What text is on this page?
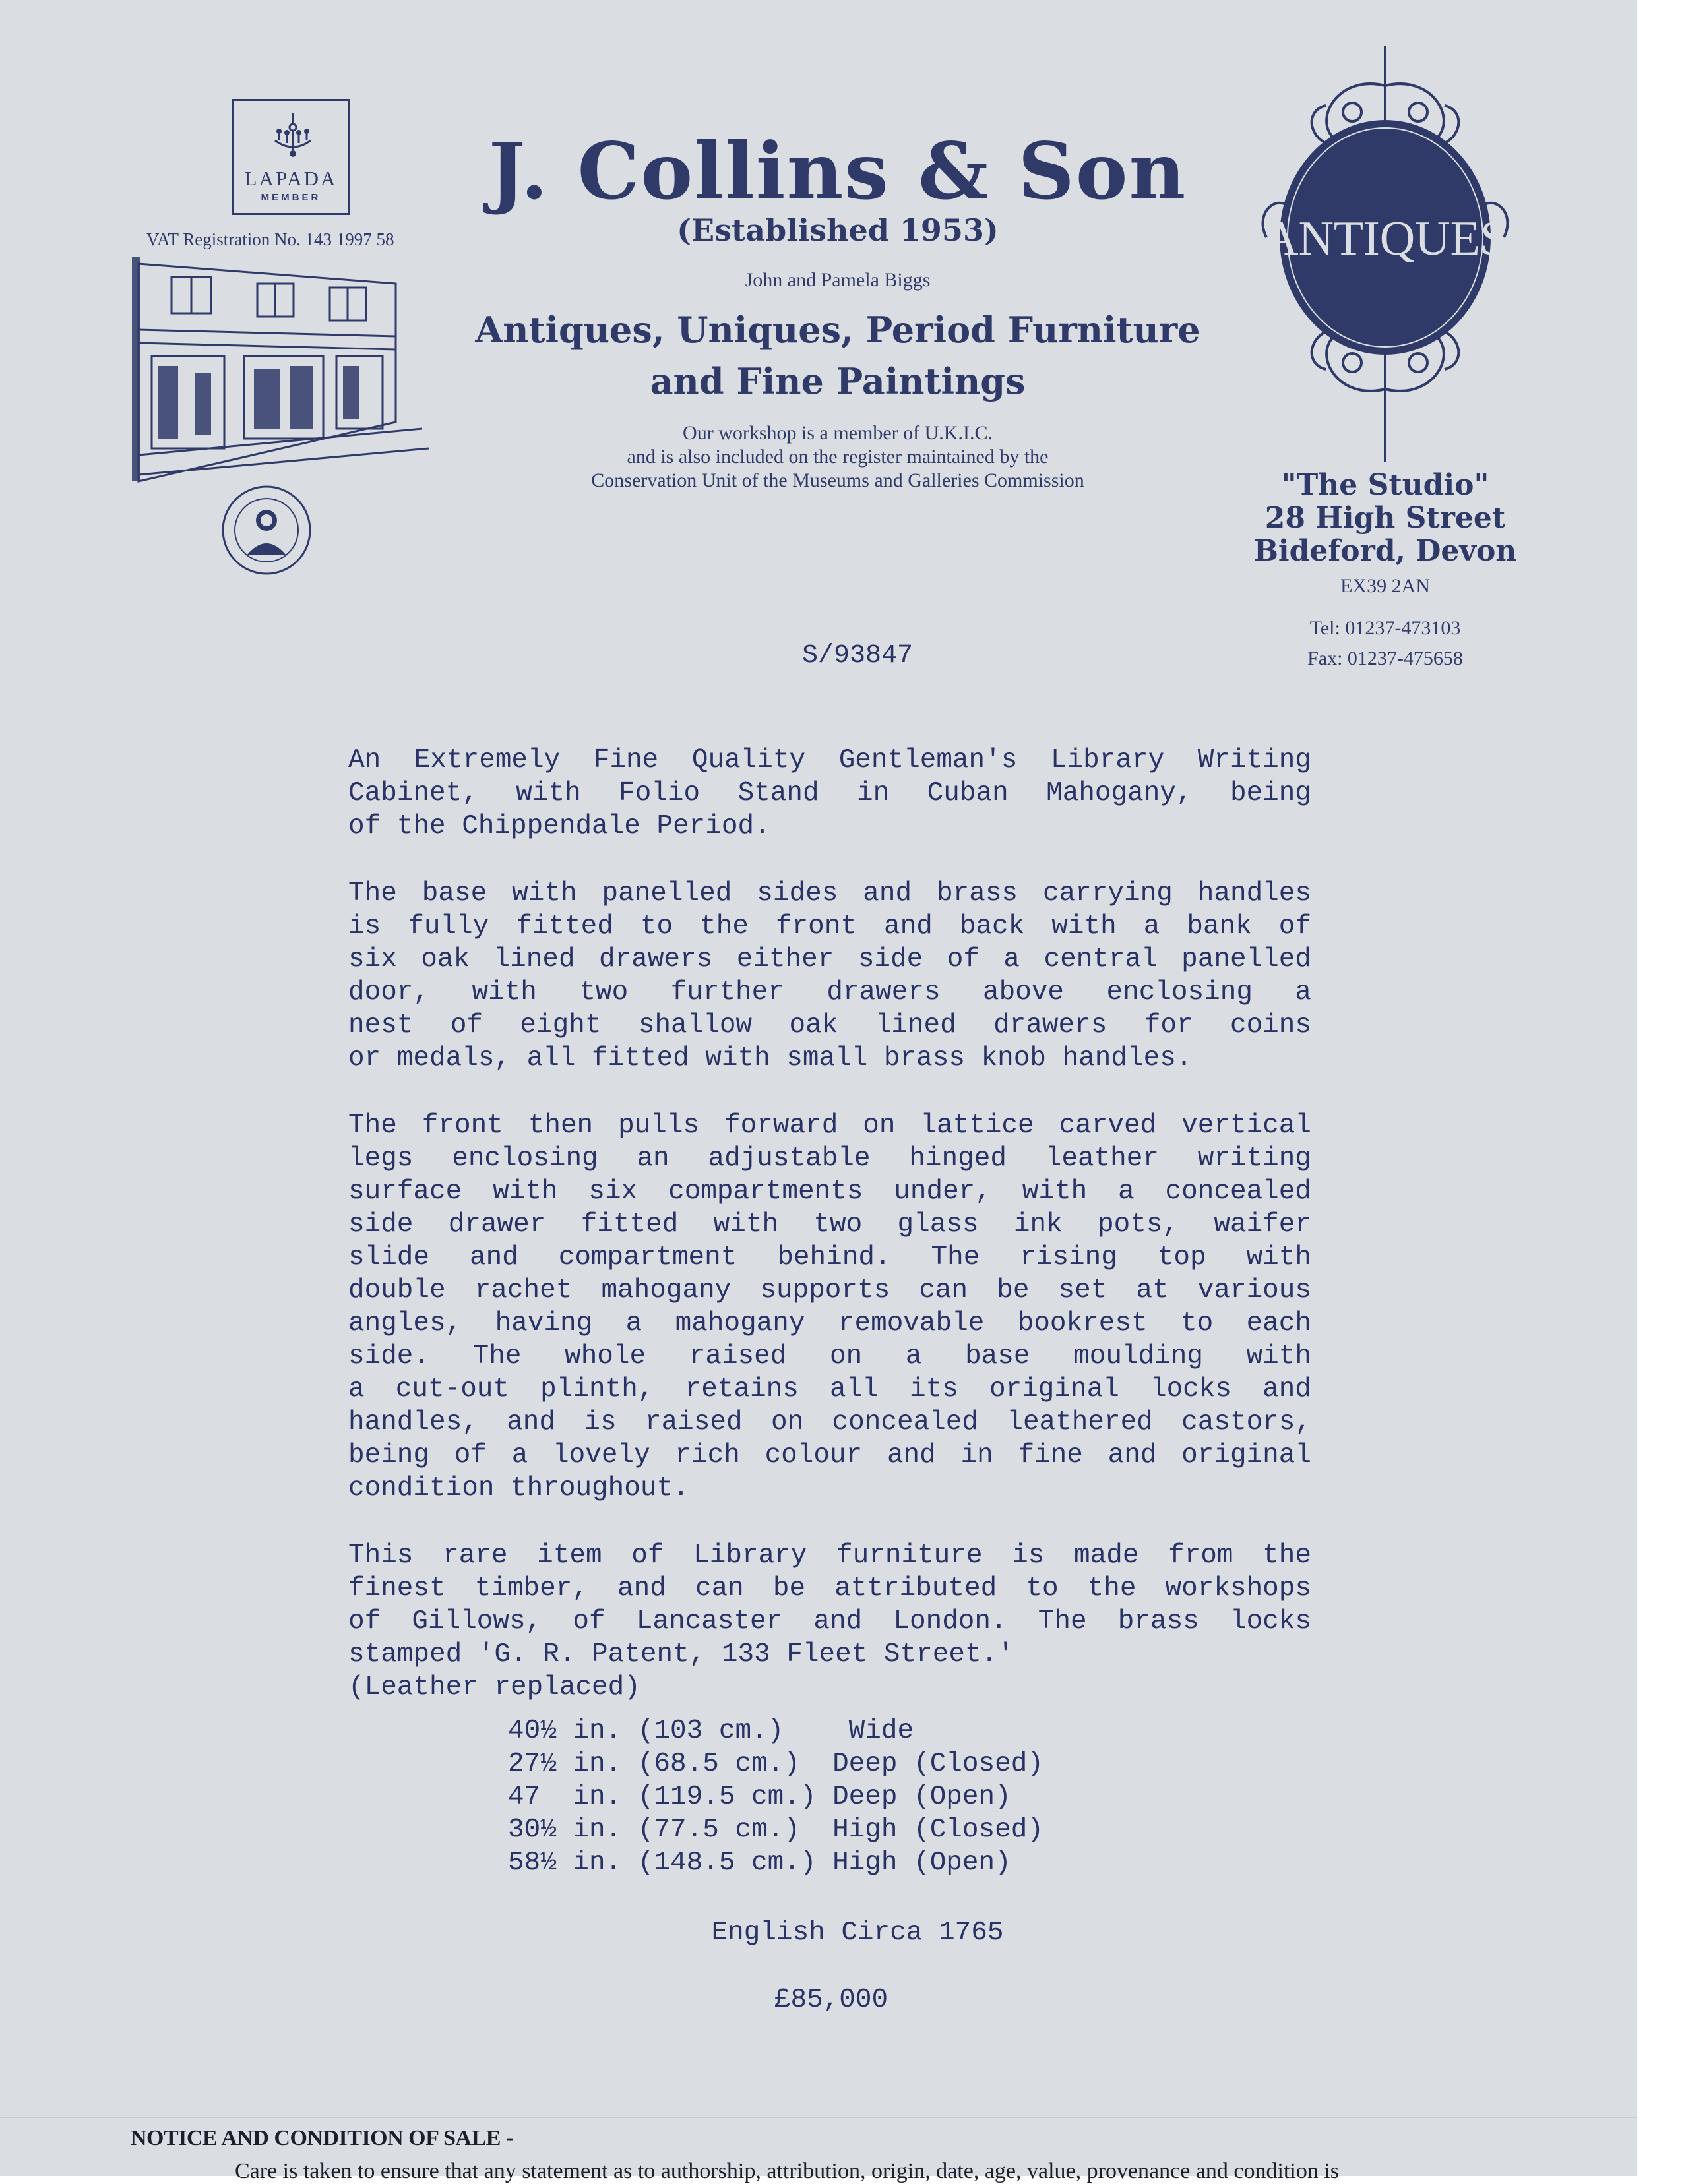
LAPADA
MEMBER
VAT Registration No. 143 1997 58
J. Collins & Son
(Established 1953)
John and Pamela Biggs
Antiques, Uniques, Period Furniture
and Fine Paintings
Our workshop is a member of U.K.I.C.
and is also included on the register maintained by the
Conservation Unit of the Museums and Galleries Commission
ANTIQUES
"The Studio"
28 High Street
Bideford, Devon
EX39 2AN
Tel: 01237-473103
Fax: 01237-475658
S/93847
An Extremely Fine Quality Gentleman's Library Writing
Cabinet, with Folio Stand in Cuban Mahogany, being
of the Chippendale Period.
The base with panelled sides and brass carrying handles
is fully fitted to the front and back with a bank of
six oak lined drawers either side of a central panelled
door, with two further drawers above enclosing a
nest of eight shallow oak lined drawers for coins
or medals, all fitted with small brass knob handles.
The front then pulls forward on lattice carved vertical
legs enclosing an adjustable hinged leather writing
surface with six compartments under, with a concealed
side drawer fitted with two glass ink pots, waifer
slide and compartment behind. The rising top with
double rachet mahogany supports can be set at various
angles, having a mahogany removable bookrest to each
side. The whole raised on a base moulding with
a cut-out plinth, retains all its original locks and
handles, and is raised on concealed leathered castors,
being of a lovely rich colour and in fine and original
condition throughout.
This rare item of Library furniture is made from the
finest timber, and can be attributed to the workshops
of Gillows, of Lancaster and London. The brass locks
stamped 'G. R. Patent, 133 Fleet Street.'
(Leather replaced)
40½ in. (103 cm.)    Wide
27½ in. (68.5 cm.)  Deep (Closed)
47  in. (119.5 cm.) Deep (Open)
30½ in. (77.5 cm.)  High (Closed)
58½ in. (148.5 cm.) High (Open)
English Circa 1765
£85,000
NOTICE AND CONDITION OF SALE -
Care is taken to ensure that any statement as to authorship, attribution, origin, date, age, value, provenance and condition is
